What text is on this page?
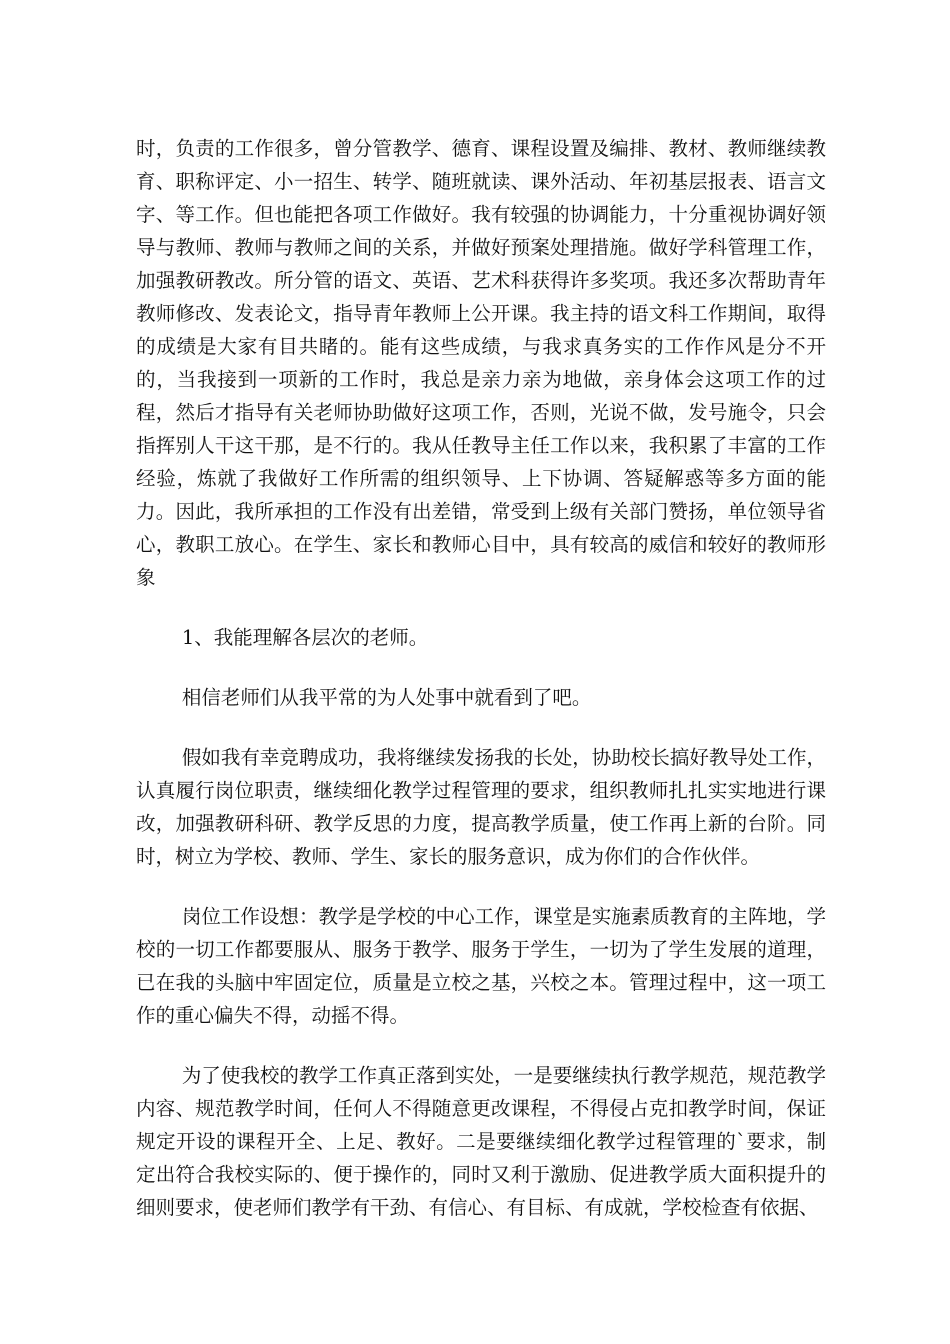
时，负责的工作很多，曾分管教学、德育、课程设置及编排、教材、教师继续教育、职称评定、小一招生、转学、随班就读、课外活动、年初基层报表、语言文字、等工作。但也能把各项工作做好。我有较强的协调能力，十分重视协调好领导与教师、教师与教师之间的关系，并做好预案处理措施。做好学科管理工作，加强教研教改。所分管的语文、英语、艺术科获得许多奖项。我还多次帮助青年教师修改、发表论文，指导青年教师上公开课。我主持的语文科工作期间，取得的成绩是大家有目共睹的。能有这些成绩，与我求真务实的工作作风是分不开的，当我接到一项新的工作时，我总是亲力亲为地做，亲身体会这项工作的过程，然后才指导有关老师协助做好这项工作，否则，光说不做，发号施令，只会指挥别人干这干那，是不行的。我从任教导主任工作以来，我积累了丰富的工作经验，炼就了我做好工作所需的组织领导、上下协调、答疑解惑等多方面的能力。因此，我所承担的工作没有出差错，常受到上级有关部门赞扬，单位领导省心，教职工放心。在学生、家长和教师心目中，具有较高的威信和较好的教师形象

1、我能理解各层次的老师。

相信老师们从我平常的为人处事中就看到了吧。

假如我有幸竞聘成功，我将继续发扬我的长处，协助校长搞好教导处工作，认真履行岗位职责，继续细化教学过程管理的要求，组织教师扎扎实实地进行课改，加强教研科研、教学反思的力度，提高教学质量，使工作再上新的台阶。同时，树立为学校、教师、学生、家长的服务意识，成为你们的合作伙伴。

岗位工作设想：教学是学校的中心工作，课堂是实施素质教育的主阵地，学校的一切工作都要服从、服务于教学、服务于学生，一切为了学生发展的道理，已在我的头脑中牢固定位，质量是立校之基，兴校之本。管理过程中，这一项工作的重心偏失不得，动摇不得。

为了使我校的教学工作真正落到实处，一是要继续执行教学规范，规范教学内容、规范教学时间，任何人不得随意更改课程，不得侵占克扣教学时间，保证规定开设的课程开全、上足、教好。二是要继续细化教学过程管理的`要求，制定出符合我校实际的、便于操作的，同时又利于激励、促进教学质大面积提升的细则要求，使老师们教学有干劲、有信心、有目标、有成就，学校检查有依据、
